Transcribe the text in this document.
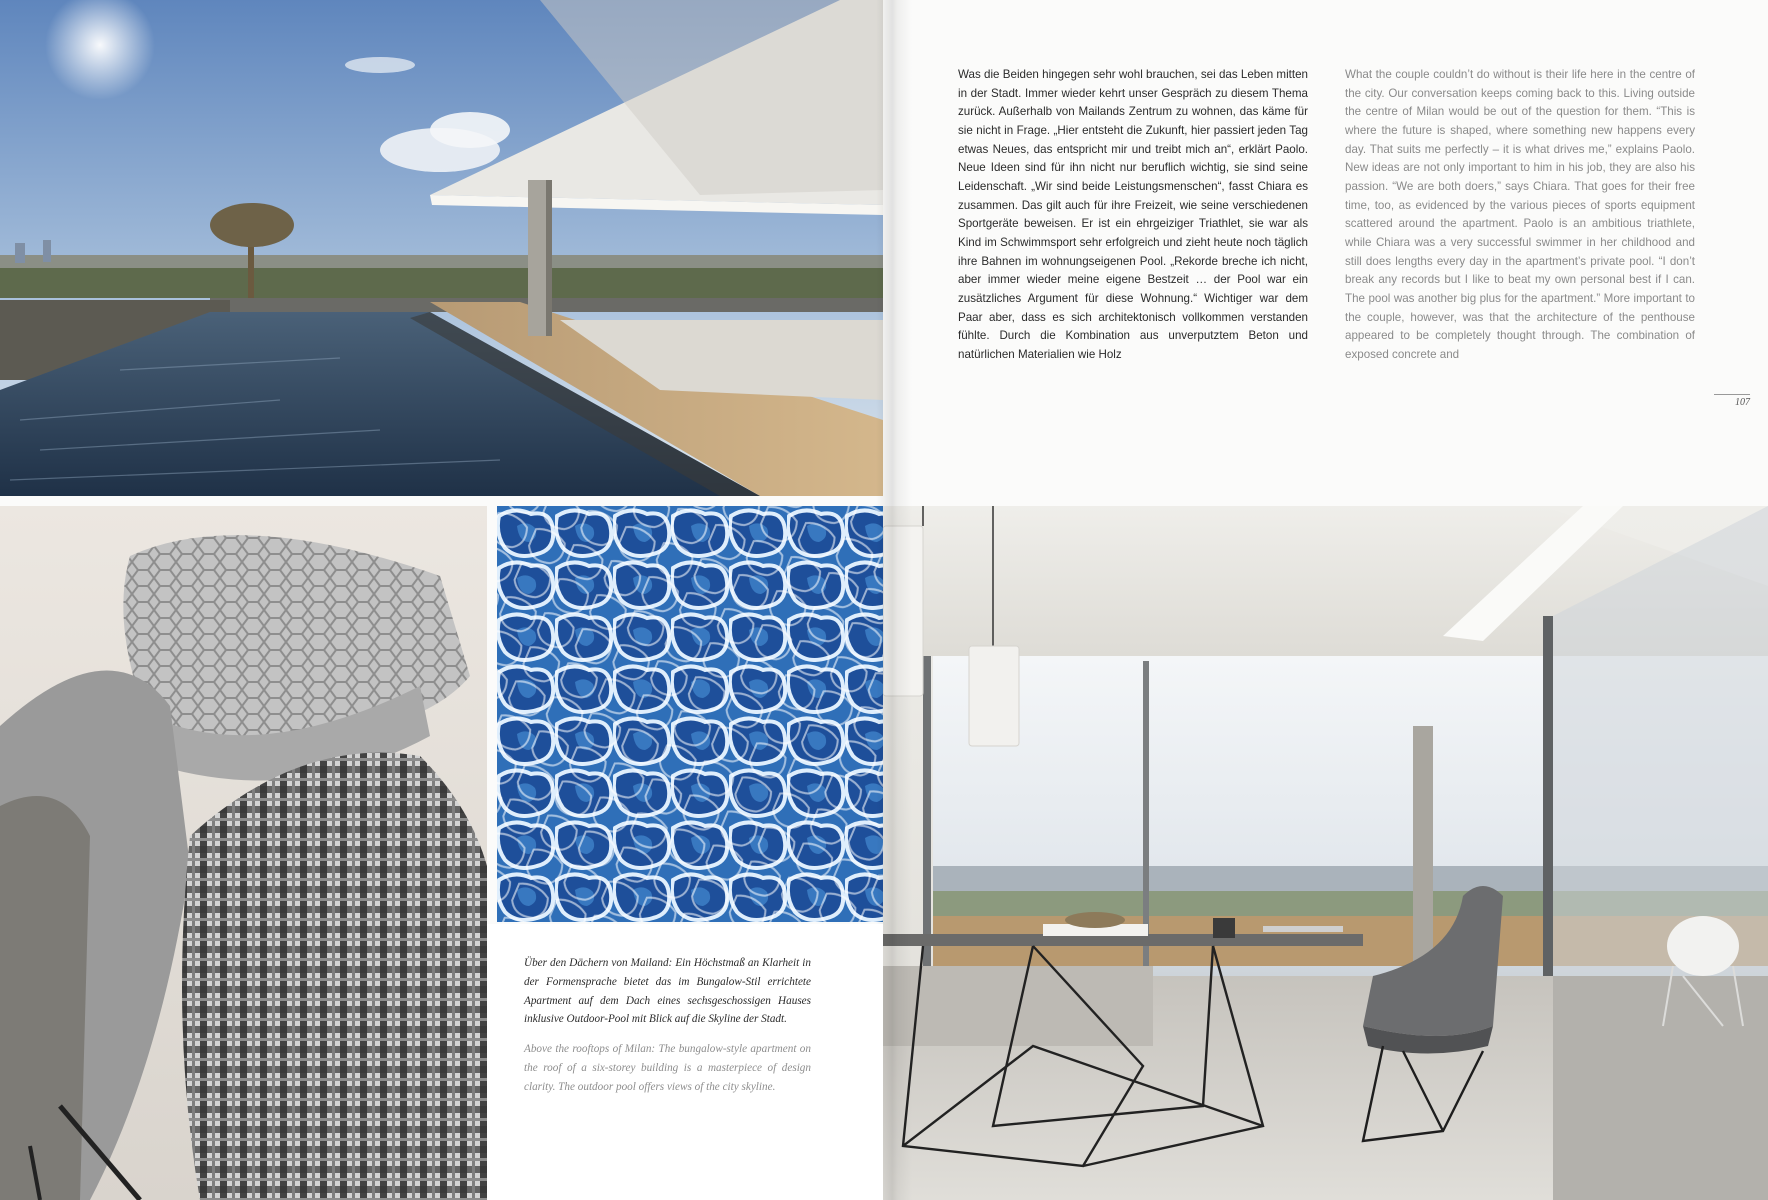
Was die Beiden hingegen sehr wohl brauchen, sei das Leben mitten in der Stadt. Immer wieder kehrt unser Gespräch zu diesem Thema zurück. Außerhalb von Mailands Zentrum zu wohnen, das käme für sie nicht in Frage. „Hier entsteht die Zukunft, hier passiert jeden Tag etwas Neues, das entspricht mir und treibt mich an“, erklärt Paolo. Neue Ideen sind für ihn nicht nur beruflich wichtig, sie sind seine Leidenschaft. „Wir sind beide Leistungsmenschen“, fasst Chiara es zusammen. Das gilt auch für ihre Freizeit, wie seine verschiedenen Sportgeräte beweisen. Er ist ein ehrgeiziger Triathlet, sie war als Kind im Schwimmsport sehr erfolgreich und zieht heute noch täglich ihre Bahnen im wohnungseigenen Pool. „Rekorde breche ich nicht, aber immer wieder meine eigene Bestzeit … der Pool war ein zusätzliches Argument für diese Wohnung.“ Wichtiger war dem Paar aber, dass es sich architektonisch vollkommen verstanden fühlte. Durch die Kombination aus unverputztem Beton und natürlichen Materialien wie Holz

What the couple couldn’t do without is their life here in the centre of the city. Our conversation keeps coming back to this. Living outside the centre of Milan would be out of the question for them. “This is where the future is shaped, where something new happens every day. That suits me perfectly – it is what drives me,” explains Paolo. New ideas are not only important to him in his job, they are also his passion. “We are both doers,” says Chiara. That goes for their free time, too, as evidenced by the various pieces of sports equipment scattered around the apartment. Paolo is an ambitious triathlete, while Chiara was a very successful swimmer in her childhood and still does lengths every day in the apartment’s private pool. “I don’t break any records but I like to beat my own personal best if I can. The pool was another big plus for the apartment.” More important to the couple, however, was that the architecture of the penthouse appeared to be completely thought through. The combination of exposed concrete and

107

Über den Dächern von Mailand: Ein Höchstmaß an Klarheit in der Formensprache bietet das im Bungalow-Stil errichtete Apartment auf dem Dach eines sechsgeschossigen Hauses inklusive Outdoor-Pool mit Blick auf die Skyline der Stadt.

Above the rooftops of Milan: The bungalow-style apartment on the roof of a six-storey building is a masterpiece of design clarity. The outdoor pool offers views of the city skyline.
